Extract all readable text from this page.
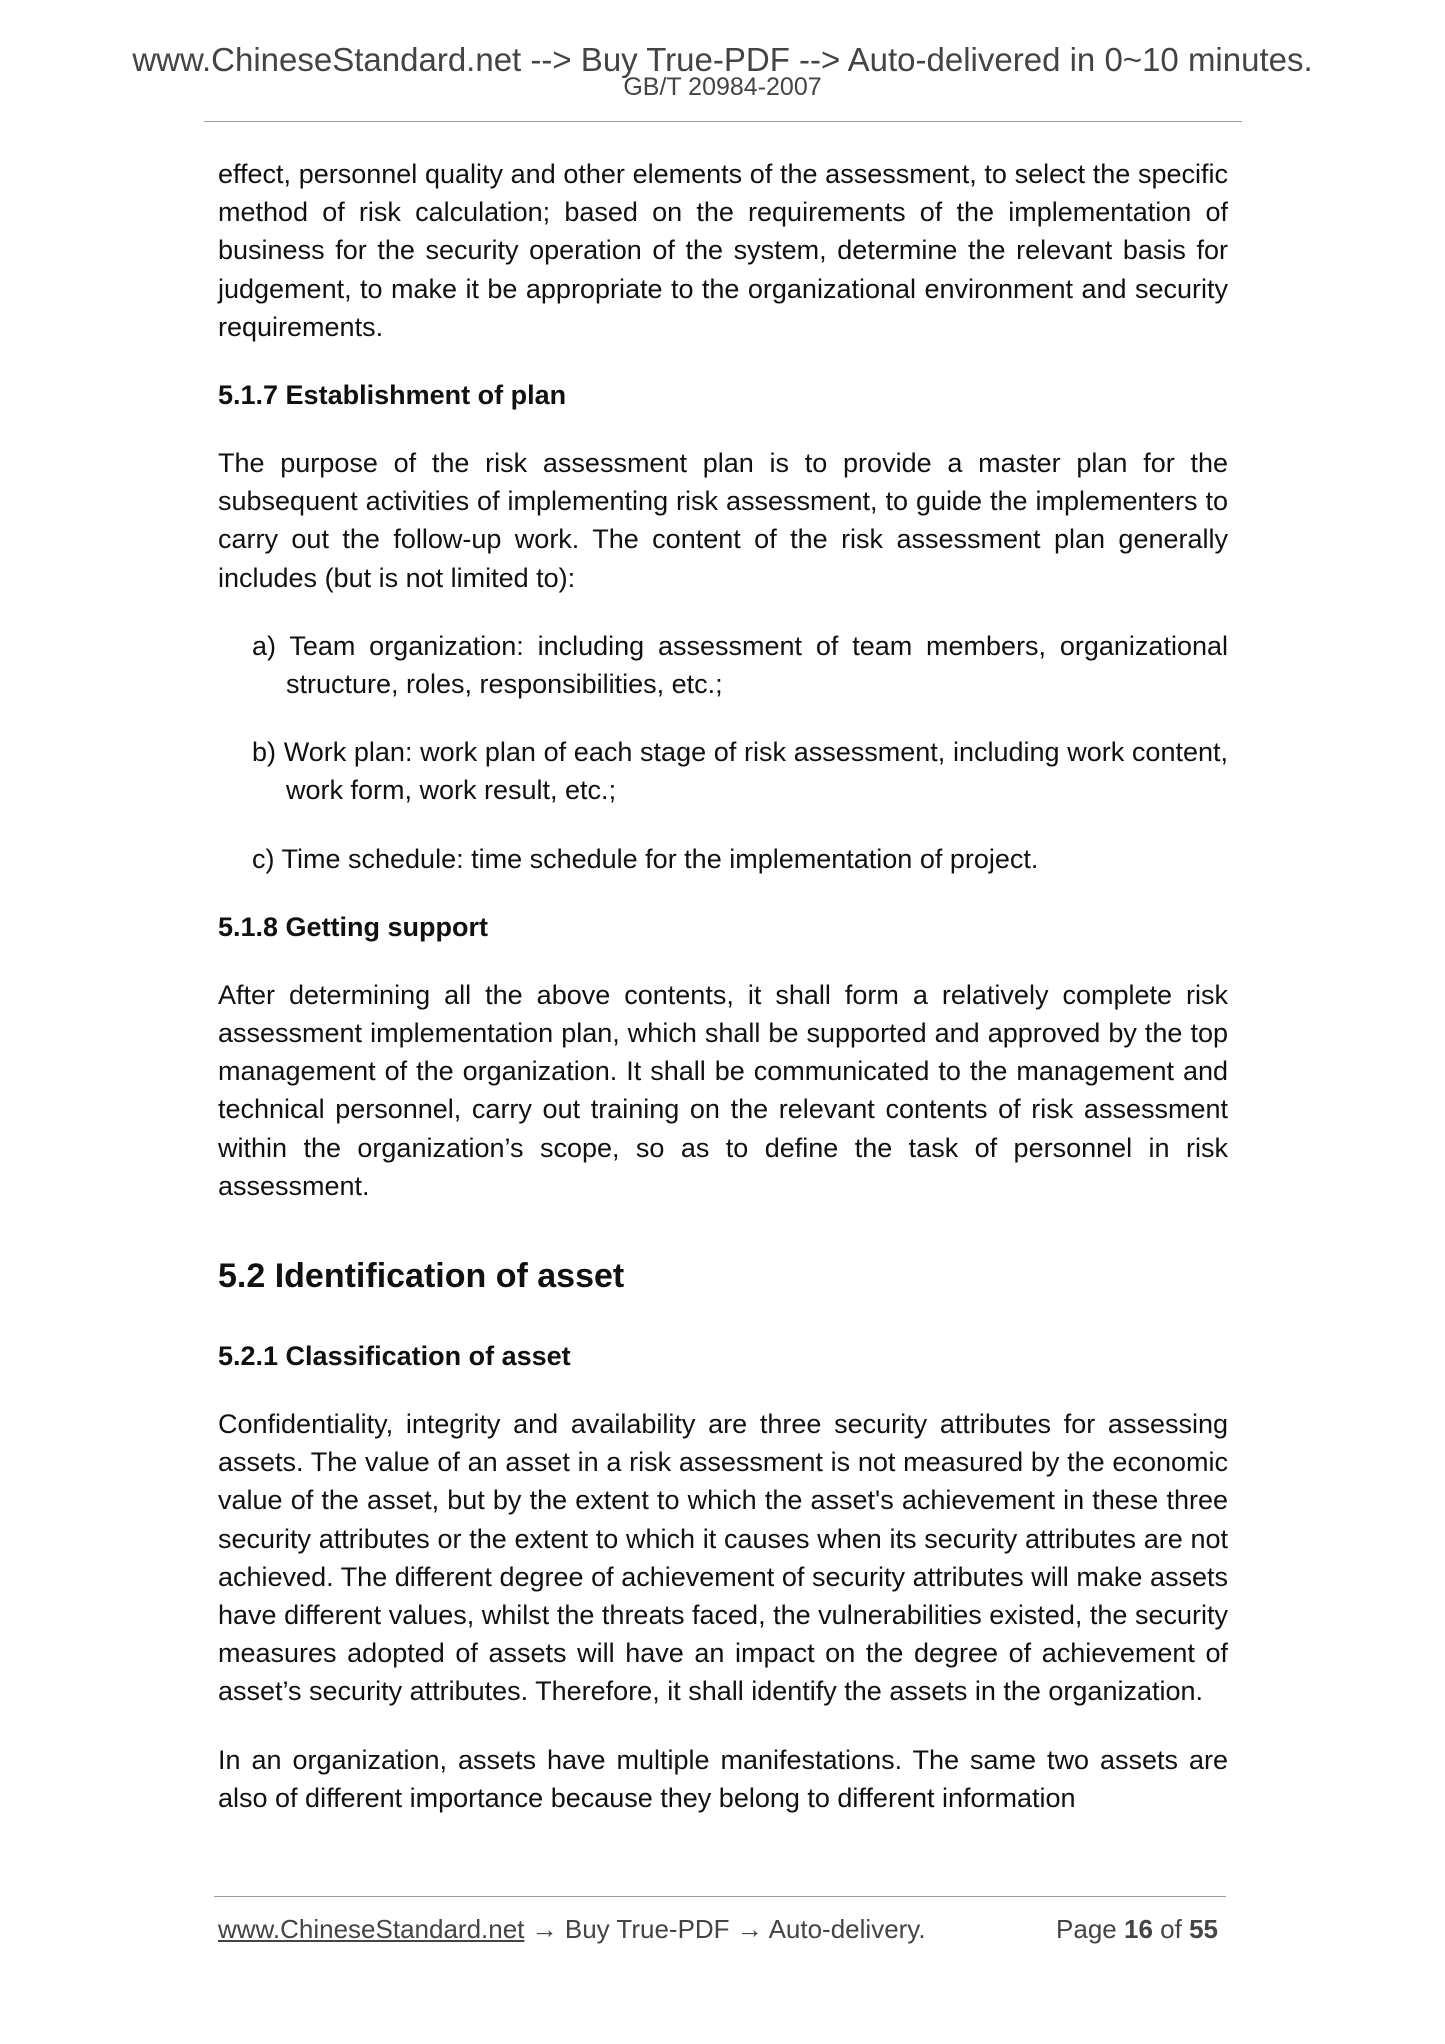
www.ChineseStandard.net --> Buy True-PDF --> Auto-delivered in 0~10 minutes.
GB/T 20984-2007

effect, personnel quality and other elements of the assessment, to select the specific method of risk calculation; based on the requirements of the implementation of business for the security operation of the system, determine the relevant basis for judgement, to make it be appropriate to the organizational environment and security requirements.

5.1.7 Establishment of plan

The purpose of the risk assessment plan is to provide a master plan for the subsequent activities of implementing risk assessment, to guide the implementers to carry out the follow-up work. The content of the risk assessment plan generally includes (but is not limited to):

a) Team organization: including assessment of team members, organizational structure, roles, responsibilities, etc.;
b) Work plan: work plan of each stage of risk assessment, including work content, work form, work result, etc.;
c) Time schedule: time schedule for the implementation of project.
5.1.8 Getting support

After determining all the above contents, it shall form a relatively complete risk assessment implementation plan, which shall be supported and approved by the top management of the organization. It shall be communicated to the management and technical personnel, carry out training on the relevant contents of risk assessment within the organization’s scope, so as to define the task of personnel in risk assessment.

5.2 Identification of asset
5.2.1 Classification of asset

Confidentiality, integrity and availability are three security attributes for assessing assets. The value of an asset in a risk assessment is not measured by the economic value of the asset, but by the extent to which the asset's achievement in these three security attributes or the extent to which it causes when its security attributes are not achieved. The different degree of achievement of security attributes will make assets have different values, whilst the threats faced, the vulnerabilities existed, the security measures adopted of assets will have an impact on the degree of achievement of asset’s security attributes. Therefore, it shall identify the assets in the organization.

In an organization, assets have multiple manifestations. The same two assets are also of different importance because they belong to different information

www.ChineseStandard.net → Buy True-PDF → Auto-delivery.	Page 16 of 55
